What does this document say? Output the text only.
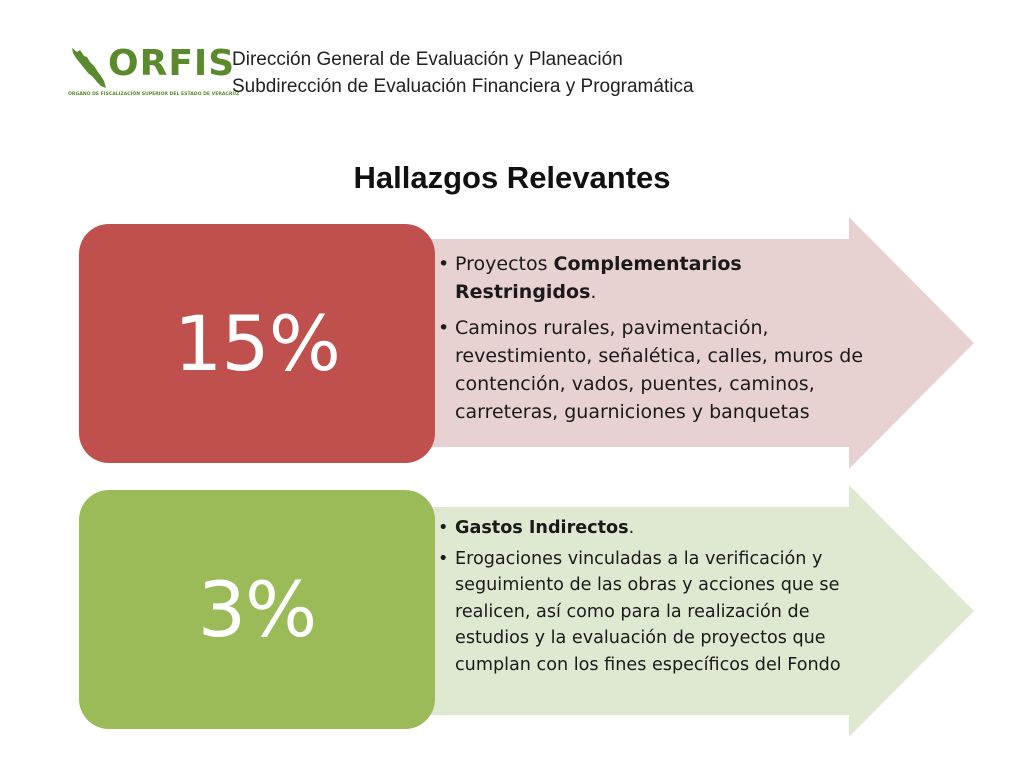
ORFIS
ÓRGANO DE FISCALIZACIÓN SUPERIOR DEL ESTADO DE VERACRUZ
Dirección General de Evaluación y Planeación
Subdirección de Evaluación Financiera y Programática
Hallazgos Relevantes
15%
• Proyectos Complementarios Restringidos.
• Caminos rurales, pavimentación, revestimiento, señalética, calles, muros de contención, vados, puentes, caminos, carreteras, guarniciones y banquetas
3%
• Gastos Indirectos.
• Erogaciones vinculadas a la verificación y seguimiento de las obras y acciones que se realicen, así como para la realización de estudios y la evaluación de proyectos que cumplan con los fines específicos del Fondo
